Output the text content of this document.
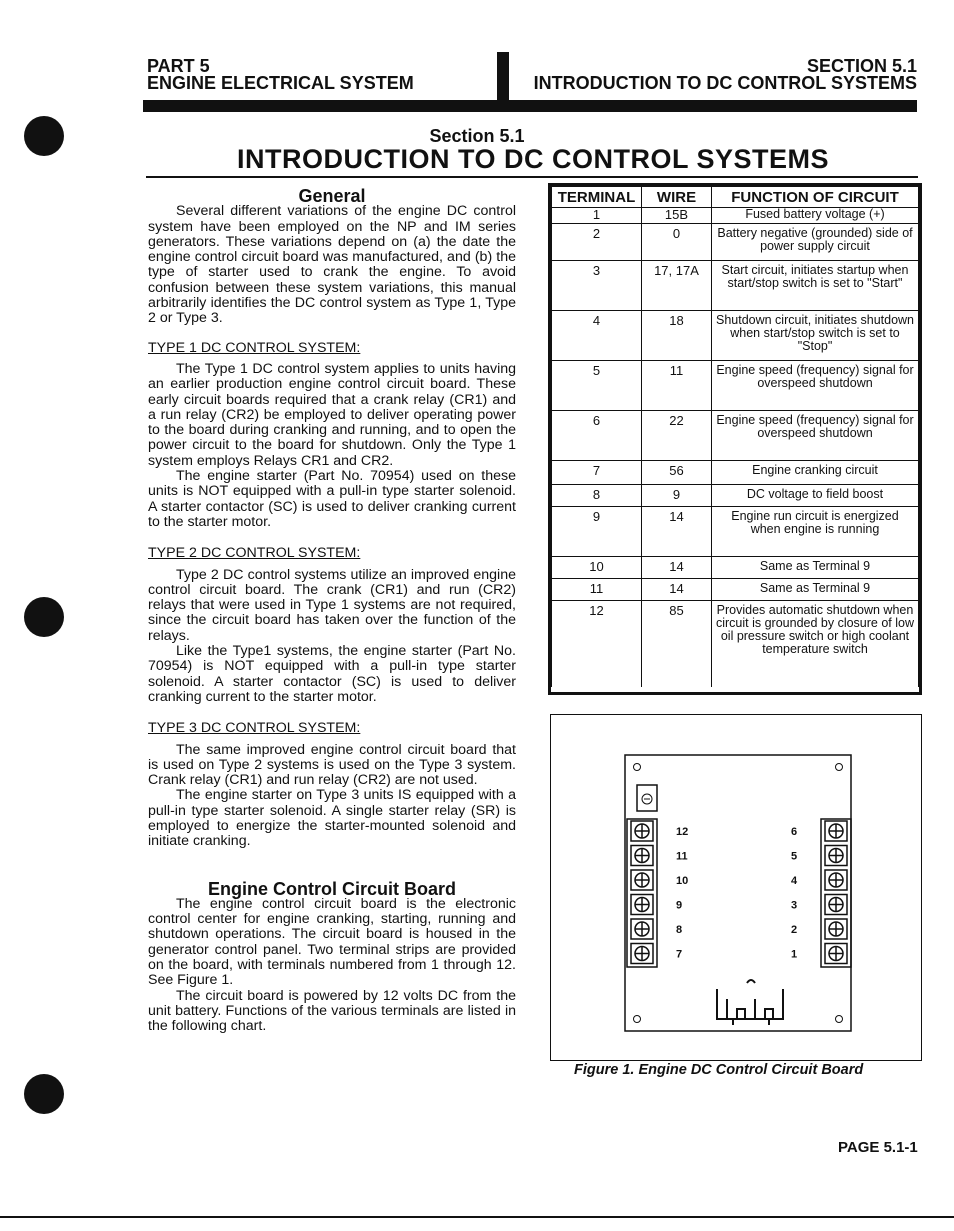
PART 5
ENGINE ELECTRICAL SYSTEM
SECTION 5.1
INTRODUCTION TO DC CONTROL SYSTEMS
Section 5.1
INTRODUCTION TO DC CONTROL SYSTEMS
General

Several different variations of the engine DC control system have been employed on the NP and IM series generators. These variations depend on (a) the date the engine control circuit board was manufactured, and (b) the type of starter used to crank the engine. To avoid confusion between these system variations, this manual arbitrarily identifies the DC control system as Type 1, Type 2 or Type 3.

TYPE 1 DC CONTROL SYSTEM:

The Type 1 DC control system applies to units having an earlier production engine control circuit board. These early circuit boards required that a crank relay (CR1) and a run relay (CR2) be employed to deliver operating power to the board during cranking and running, and to open the power circuit to the board for shutdown. Only the Type 1 system employs Relays CR1 and CR2.

The engine starter (Part No. 70954) used on these units is NOT equipped with a pull-in type starter solenoid. A starter contactor (SC) is used to deliver cranking current to the starter motor.

TYPE 2 DC CONTROL SYSTEM:

Type 2 DC control systems utilize an improved engine control circuit board. The crank (CR1) and run (CR2) relays that were used in Type 1 systems are not required, since the circuit board has taken over the function of the relays.

Like the Type1 systems, the engine starter (Part No. 70954) is NOT equipped with a pull-in type starter solenoid. A starter contactor (SC) is used to deliver cranking current to the starter motor.

TYPE 3 DC CONTROL SYSTEM:

The same improved engine control circuit board that is used on Type 2 systems is used on the Type 3 system. Crank relay (CR1) and run relay (CR2) are not used.

The engine starter on Type 3 units IS equipped with a pull-in type starter solenoid. A single starter relay (SR) is employed to energize the starter-mounted solenoid and initiate cranking.

Engine Control Circuit Board

The engine control circuit board is the electronic control center for engine cranking, starting, running and shutdown operations. The circuit board is housed in the generator control panel. Two terminal strips are provided on the board, with terminals numbered from 1 through 12. See Figure 1.

The circuit board is powered by 12 volts DC from the unit battery. Functions of the various terminals are listed in the following chart.

TERMINAL	WIRE	FUNCTION OF CIRCUIT
1	15B	Fused battery voltage (+)
2	0	Battery negative (grounded) side of power supply circuit
3	17, 17A	Start circuit, initiates startup when start/stop switch is set to "Start"
4	18	Shutdown circuit, initiates shutdown when start/stop switch is set to "Stop"
5	11	Engine speed (frequency) signal for overspeed shutdown
6	22	Engine speed (frequency) signal for overspeed shutdown
7	56	Engine cranking circuit
8	9	DC voltage to field boost
9	14	Engine run circuit is energized when engine is running
10	14	Same as Terminal 9
11	14	Same as Terminal 9
12	85	Provides automatic shutdown when circuit is grounded by closure of low oil pressure switch or high coolant temperature switch
12
11
10
9
8
7
6
5
4
3
2
1
Figure 1. Engine DC Control Circuit Board
PAGE 5.1-1
